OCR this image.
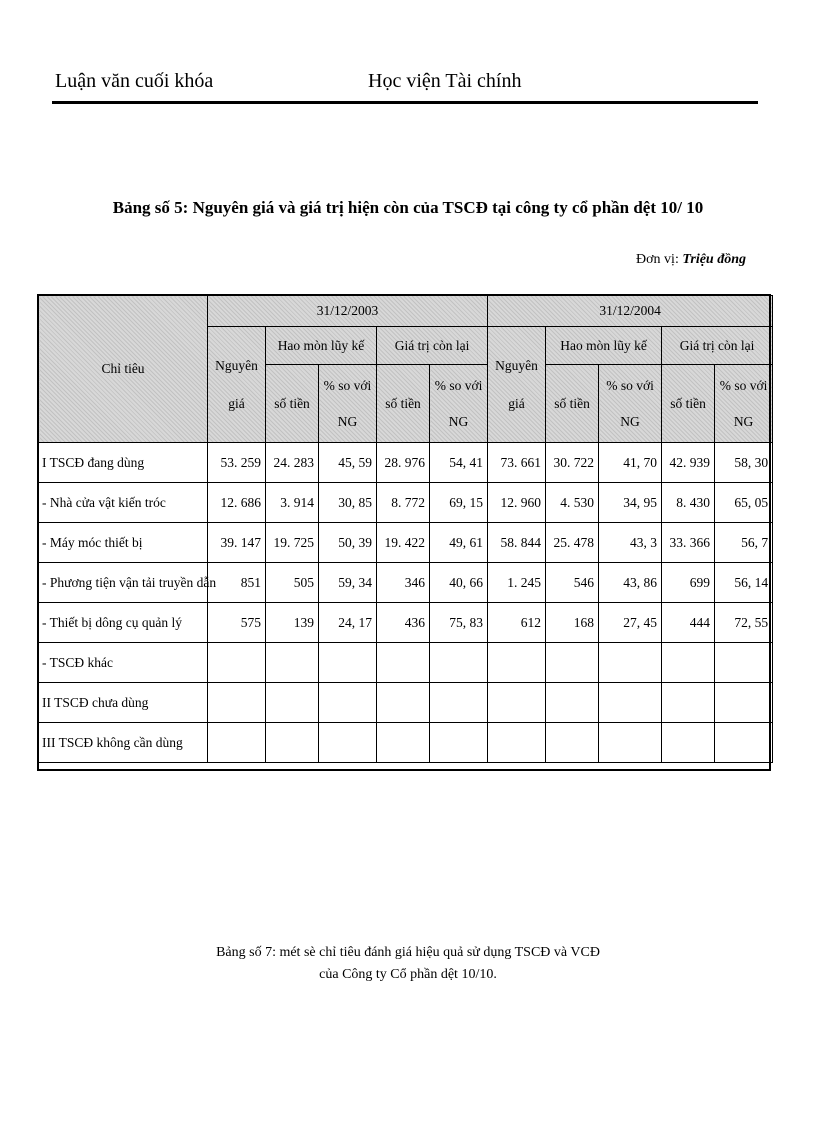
Luận văn cuối khóa	Học viện Tài chính
Bảng số 5: Nguyên giá và giá trị hiện còn của TSCĐ tại công ty cổ phần dệt 10/ 10
Đơn vị: Triệu đồng
Chỉ tiêu	31/12/2003					31/12/2004				
	Nguyên giá	Hao mòn lũy kế		Giá trị còn lại		Nguyên giá	Hao mòn lũy kế		Giá trị còn lại	
		số tiền	% so với NG	số tiền	% so với NG		số tiền	% so với NG	số tiền	% so với NG
I TSCĐ đang dùng	53. 259	24. 283	45, 59	28. 976	54, 41	73. 661	30. 722	41, 70	42. 939	58, 30
- Nhà cửa vật kiến tróc	12. 686	3. 914	30, 85	8. 772	69, 15	12. 960	4. 530	34, 95	8. 430	65, 05
- Máy móc thiết bị	39. 147	19. 725	50, 39	19. 422	49, 61	58. 844	25. 478	43, 3	33. 366	56, 7
- Phương tiện vận tải truyền dẫn	851	505	59, 34	346	40, 66	1. 245	546	43, 86	699	56, 14
- Thiết bị dông cụ quản lý	575	139	24, 17	436	75, 83	612	168	27, 45	444	72, 55
- TSCĐ khác										
II TSCĐ chưa dùng										
III TSCĐ không cần dùng										
Bảng số 7: mét sè chỉ tiêu đánh giá hiệu quả sử dụng TSCĐ và VCĐ
của Công ty Cổ phần dệt 10/10.
